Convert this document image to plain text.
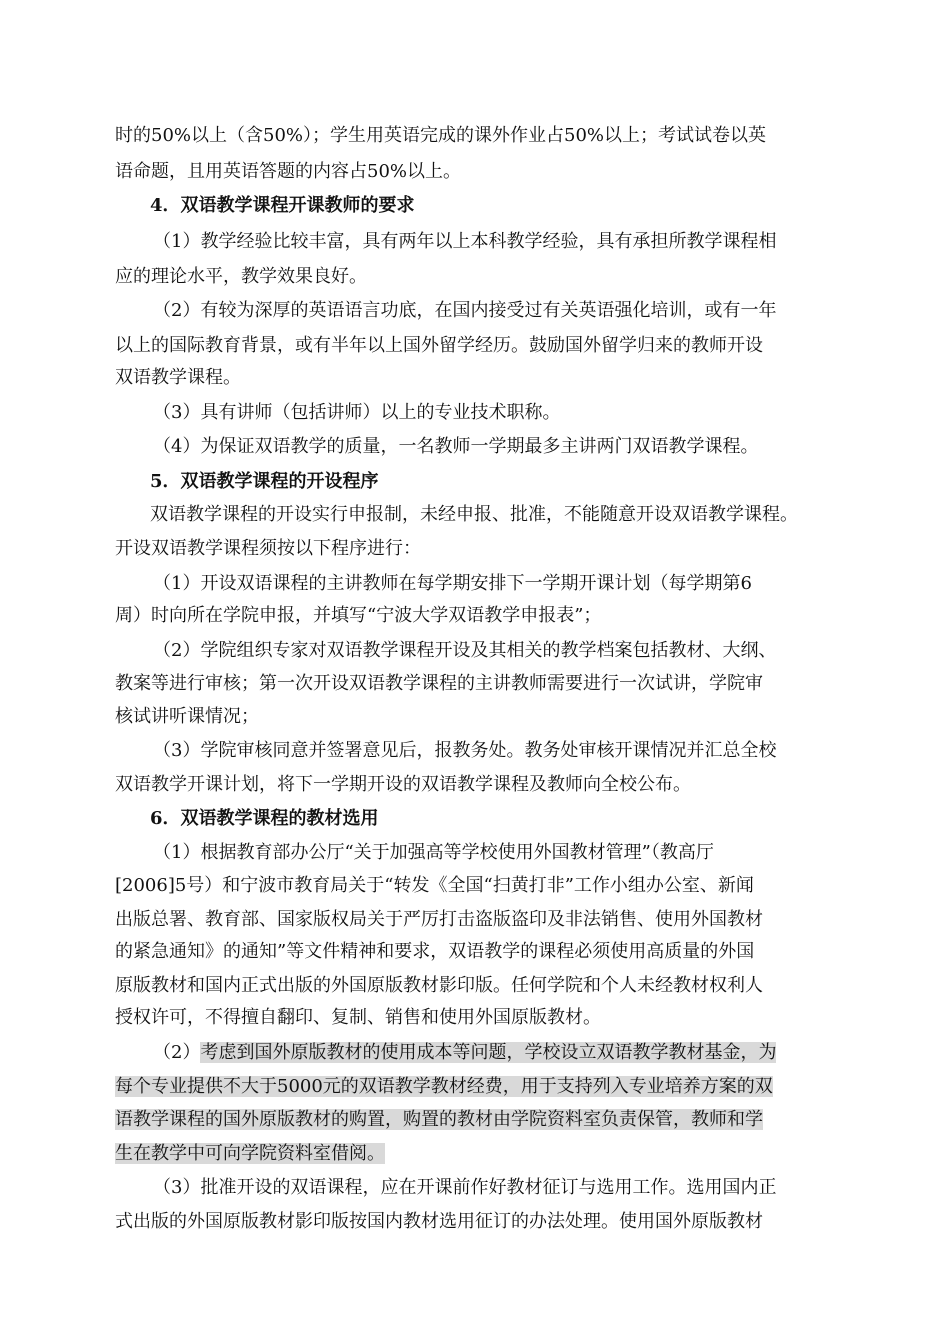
时的50%以上（含50%）；学生用英语完成的课外作业占50%以上；考试试卷以英
语命题，且用英语答题的内容占50%以上。
4．双语教学课程开课教师的要求
（1）教学经验比较丰富，具有两年以上本科教学经验，具有承担所教学课程相
应的理论水平，教学效果良好。
（2）有较为深厚的英语语言功底，在国内接受过有关英语强化培训，或有一年
以上的国际教育背景，或有半年以上国外留学经历。鼓励国外留学归来的教师开设
双语教学课程。
（3）具有讲师（包括讲师）以上的专业技术职称。
（4）为保证双语教学的质量，一名教师一学期最多主讲两门双语教学课程。
5．双语教学课程的开设程序
双语教学课程的开设实行申报制，未经申报、批准，不能随意开设双语教学课程。
开设双语教学课程须按以下程序进行：
（1）开设双语课程的主讲教师在每学期安排下一学期开课计划（每学期第6
周）时向所在学院申报，并填写“宁波大学双语教学申报表”；
（2）学院组织专家对双语教学课程开设及其相关的教学档案包括教材、大纲、
教案等进行审核；第一次开设双语教学课程的主讲教师需要进行一次试讲，学院审
核试讲听课情况；
（3）学院审核同意并签署意见后，报教务处。教务处审核开课情况并汇总全校
双语教学开课计划，将下一学期开设的双语教学课程及教师向全校公布。
6．双语教学课程的教材选用
（1）根据教育部办公厅“关于加强高等学校使用外国教材管理”（教高厅
[2006]5号）和宁波市教育局关于“转发《全国“扫黄打非”工作小组办公室、新闻
出版总署、教育部、国家版权局关于严厉打击盗版盗印及非法销售、使用外国教材
的紧急通知》的通知”等文件精神和要求，双语教学的课程必须使用高质量的外国
原版教材和国内正式出版的外国原版教材影印版。任何学院和个人未经教材权利人
授权许可，不得擅自翻印、复制、销售和使用外国原版教材。
（2）考虑到国外原版教材的使用成本等问题，学校设立双语教学教材基金，为
每个专业提供不大于5000元的双语教学教材经费，用于支持列入专业培养方案的双
语教学课程的国外原版教材的购置，购置的教材由学院资料室负责保管，教师和学
生在教学中可向学院资料室借阅。
（3）批准开设的双语课程，应在开课前作好教材征订与选用工作。选用国内正
式出版的外国原版教材影印版按国内教材选用征订的办法处理。使用国外原版教材
